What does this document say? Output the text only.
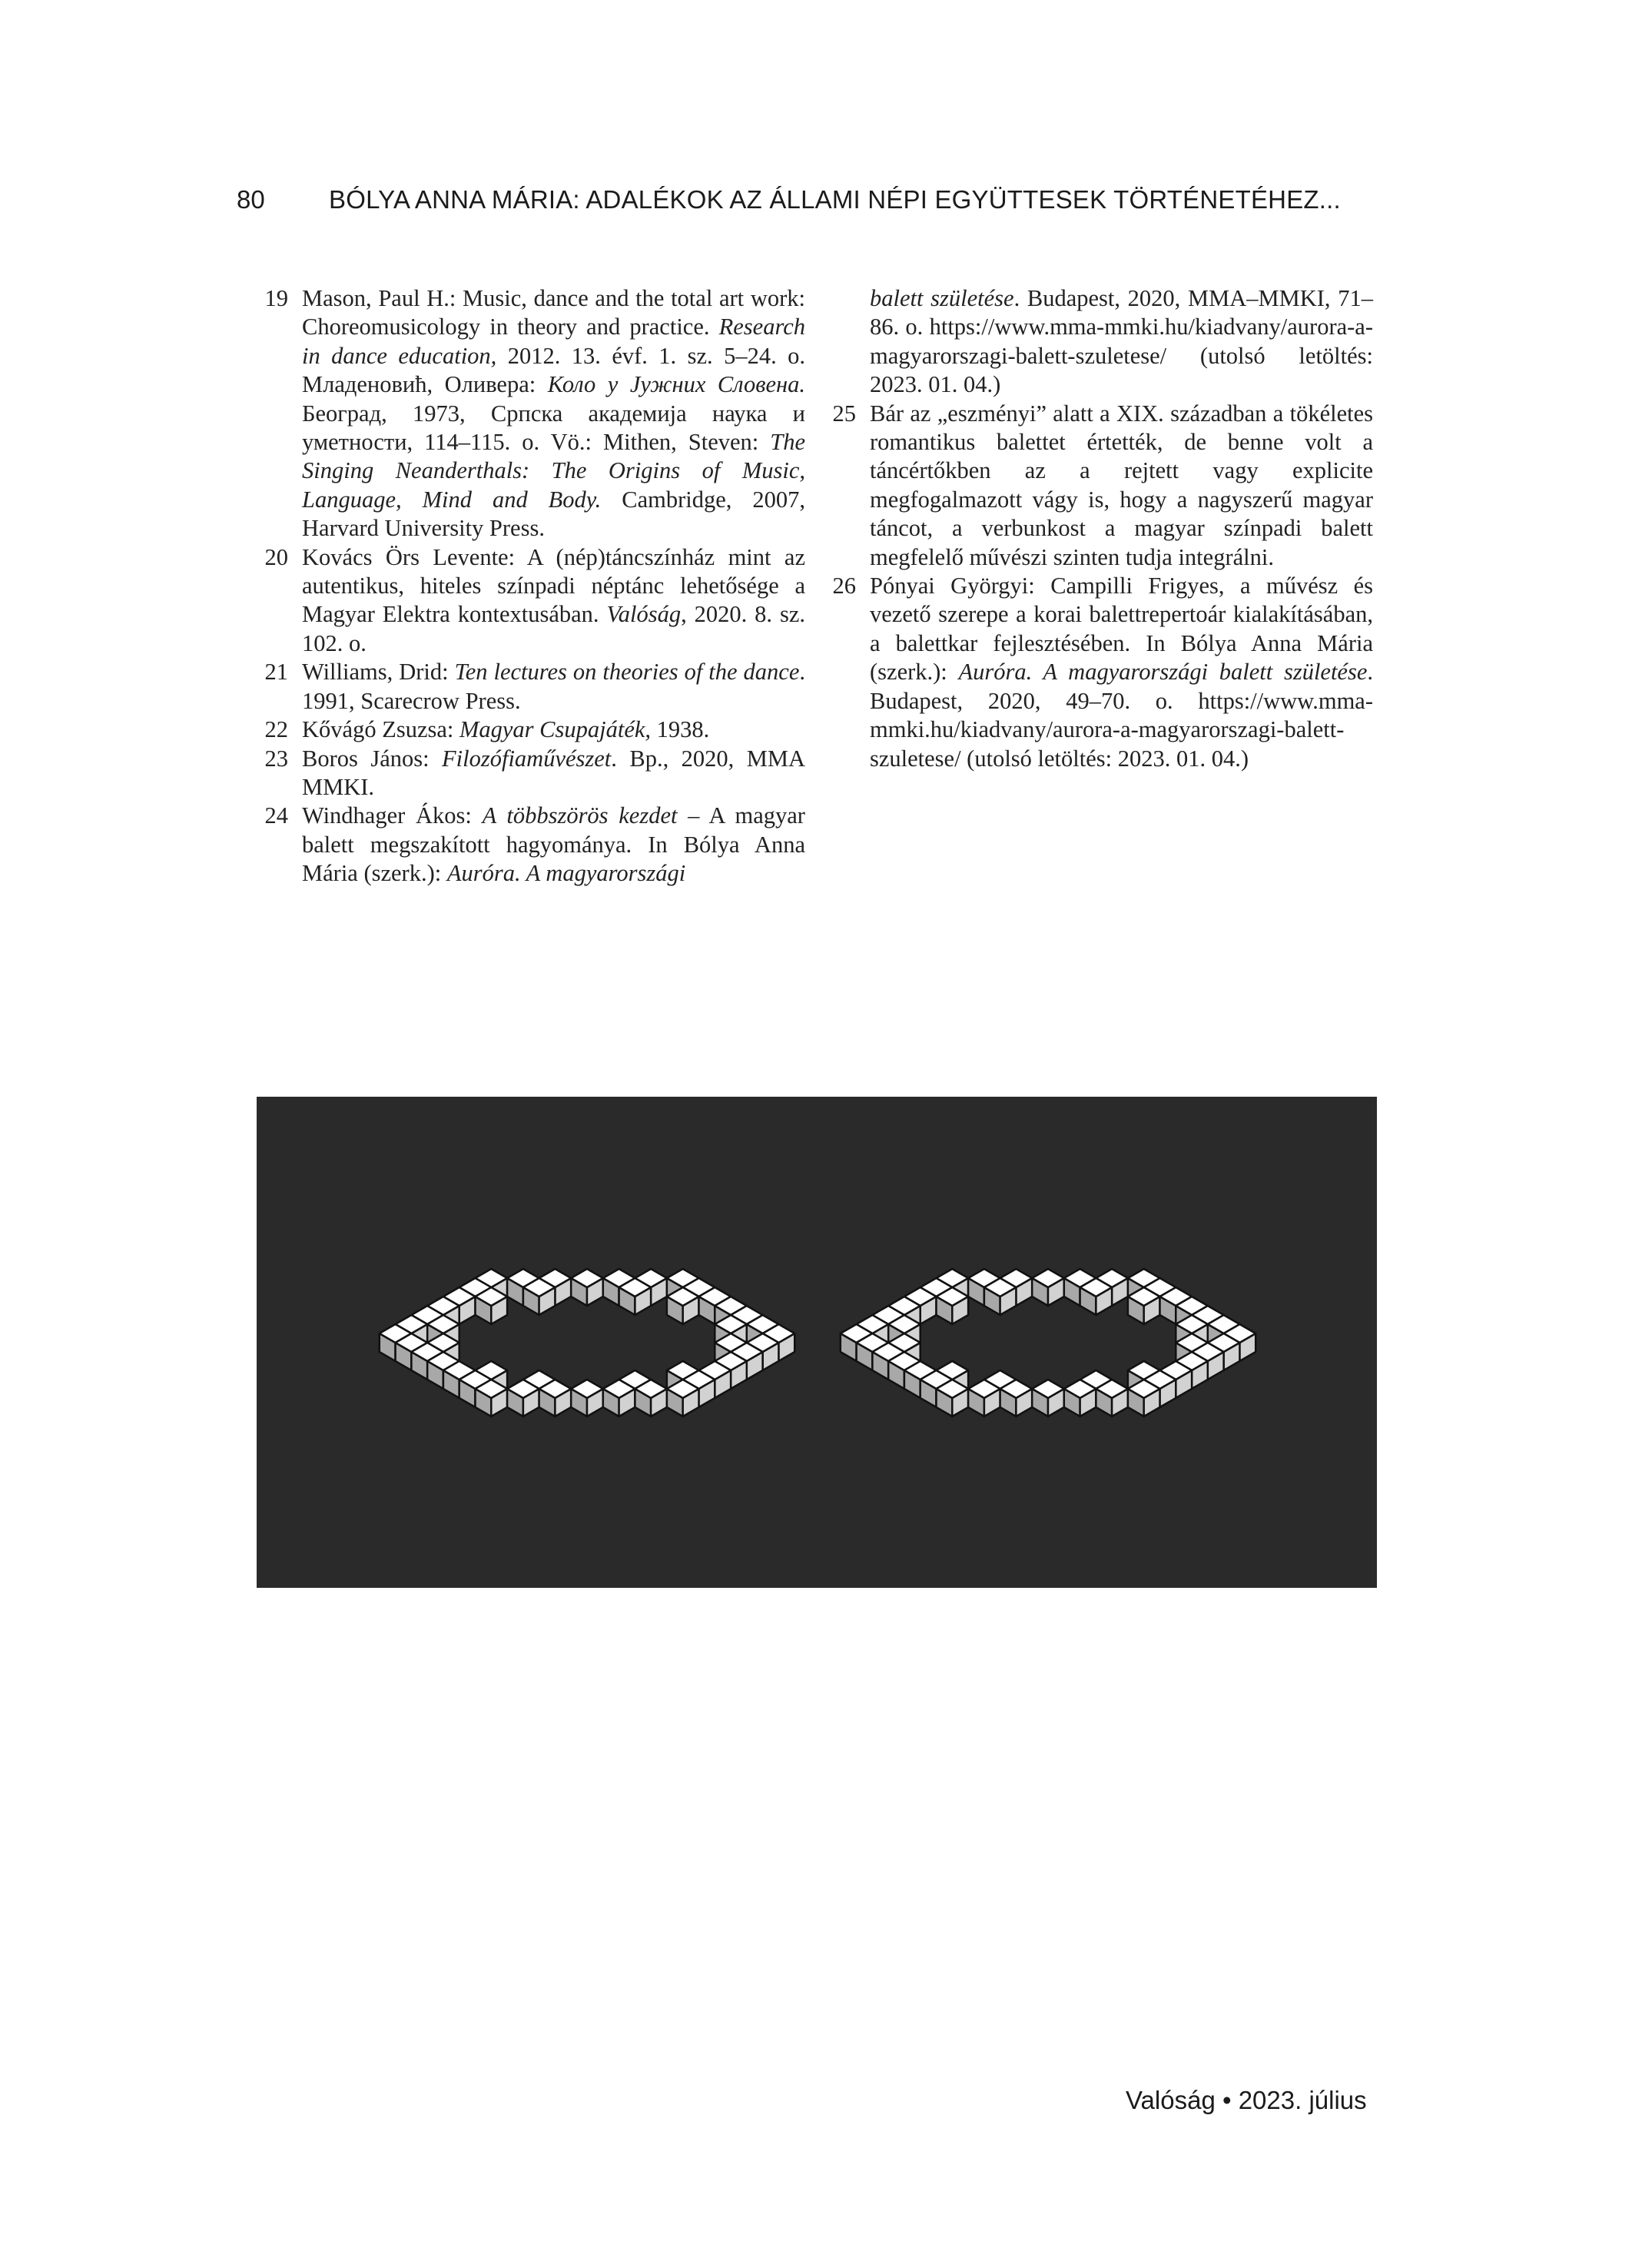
80	BÓLYA ANNA MÁRIA: ADALÉKOK AZ ÁLLAMI NÉPI EGYÜTTESEK TÖRTÉNETÉHEZ...

19 Mason, Paul H.: Music, dance and the total art work: Choreomusicology in theory and practice. Research in dance education, 2012. 13. évf. 1. sz. 5–24. o. Младеновић, Оливера: Коло у Јужних Словена. Београд, 1973, Српска академија наука и уметности, 114–115. o. Vö.: Mithen, Steven: The Singing Neanderthals: The Origins of Music, Language, Mind and Body. Cambridge, 2007, Harvard University Press.

20 Kovács Örs Levente: A (nép)táncszínház mint az autentikus, hiteles színpadi néptánc lehetősége a Magyar Elektra kontextusában. Valóság, 2020. 8. sz. 102. o.

21 Williams, Drid: Ten lectures on theories of the dance. 1991, Scarecrow Press.

22 Kővágó Zsuzsa: Magyar Csupajáték, 1938.

23 Boros János: Filozófiaművészet. Bp., 2020, MMA MMKI.

24 Windhager Ákos: A többszörös kezdet – A magyar balett megszakított hagyománya. In Bólya Anna Mária (szerk.): Auróra. A magyarországi

balett születése. Budapest, 2020, MMA–MMKI, 71–86. o. https://www.mma-mmki.hu/kiadvany/aurora-a-magyarorszagi-balett-szuletese/ (utolsó letöltés: 2023. 01. 04.)

25 Bár az „eszményi” alatt a XIX. században a tökéletes romantikus balettet értették, de benne volt a táncértőkben az a rejtett vagy explicite megfogalmazott vágy is, hogy a nagyszerű magyar táncot, a verbunkost a magyar színpadi balett megfelelő művészi szinten tudja integrálni.

26 Pónyai Györgyi: Campilli Frigyes, a művész és vezető szerepe a korai balettrepertoár kialakításában, a balettkar fejlesztésében. In Bólya Anna Mária (szerk.): Auróra. A magyarországi balett születése. Budapest, 2020, 49–70. o. https://www.mma-mmki.hu/kiadvany/aurora-a-magyarorszagi-balett-szuletese/ (utolsó letöltés: 2023. 01. 04.)

Valóság • 2023. július
